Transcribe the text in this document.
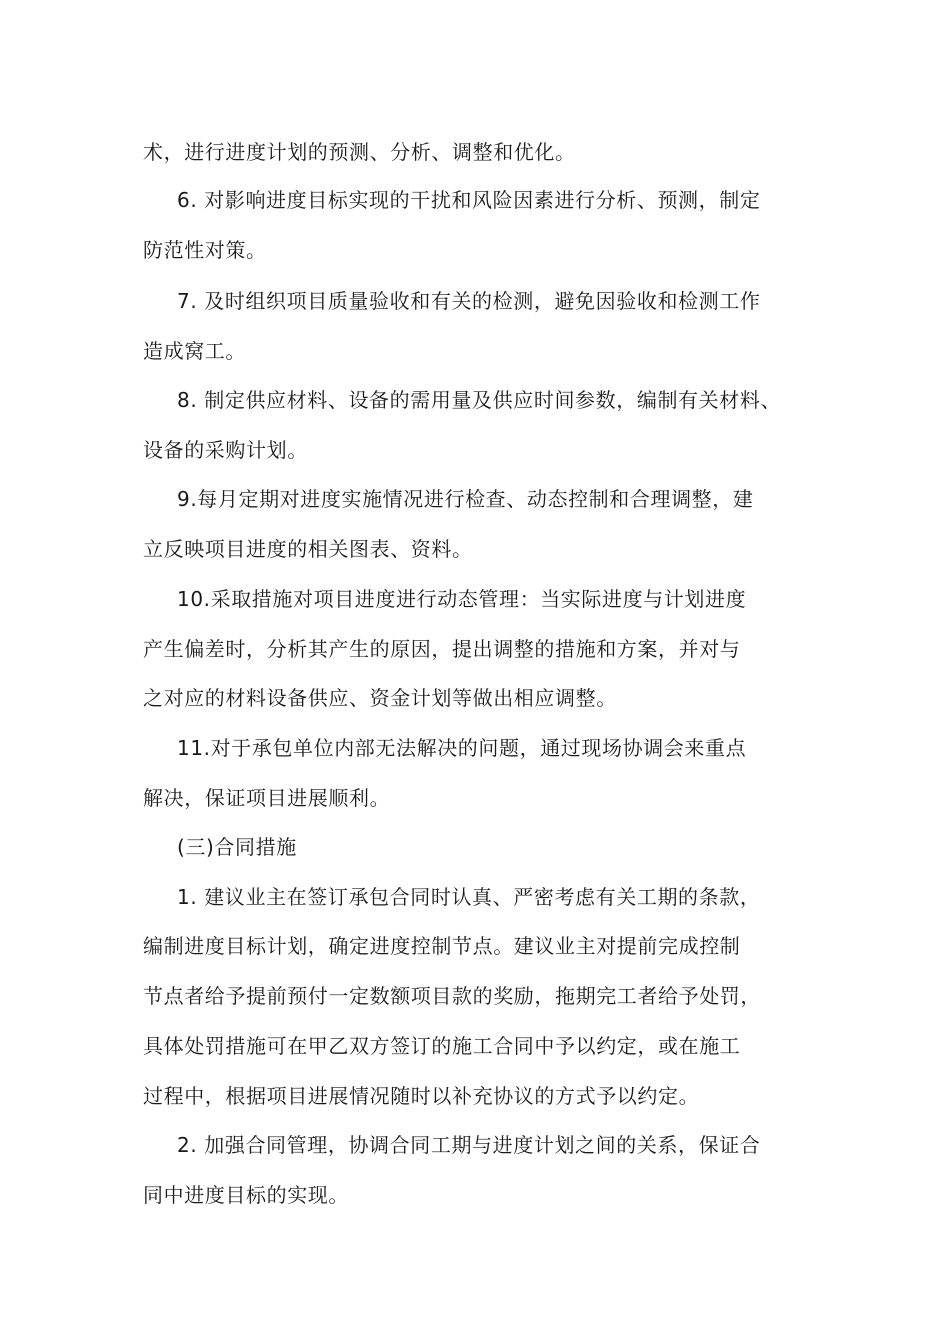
术，进行进度计划的预测、分析、调整和优化。
6. 对影响进度目标实现的干扰和风险因素进行分析、预测，制定
防范性对策。
7. 及时组织项目质量验收和有关的检测，避免因验收和检测工作
造成窝工。
8. 制定供应材料、设备的需用量及供应时间参数，编制有关材料、
设备的采购计划。
9.每月定期对进度实施情况进行检查、动态控制和合理调整，建
立反映项目进度的相关图表、资料。
10.采取措施对项目进度进行动态管理：当实际进度与计划进度
产生偏差时，分析其产生的原因，提出调整的措施和方案，并对与
之对应的材料设备供应、资金计划等做出相应调整。
11.对于承包单位内部无法解决的问题，通过现场协调会来重点
解决，保证项目进展顺利。
(三)合同措施
1. 建议业主在签订承包合同时认真、严密考虑有关工期的条款，
编制进度目标计划，确定进度控制节点。建议业主对提前完成控制
节点者给予提前预付一定数额项目款的奖励，拖期完工者给予处罚，
具体处罚措施可在甲乙双方签订的施工合同中予以约定，或在施工
过程中，根据项目进展情况随时以补充协议的方式予以约定。
2. 加强合同管理，协调合同工期与进度计划之间的关系，保证合
同中进度目标的实现。
